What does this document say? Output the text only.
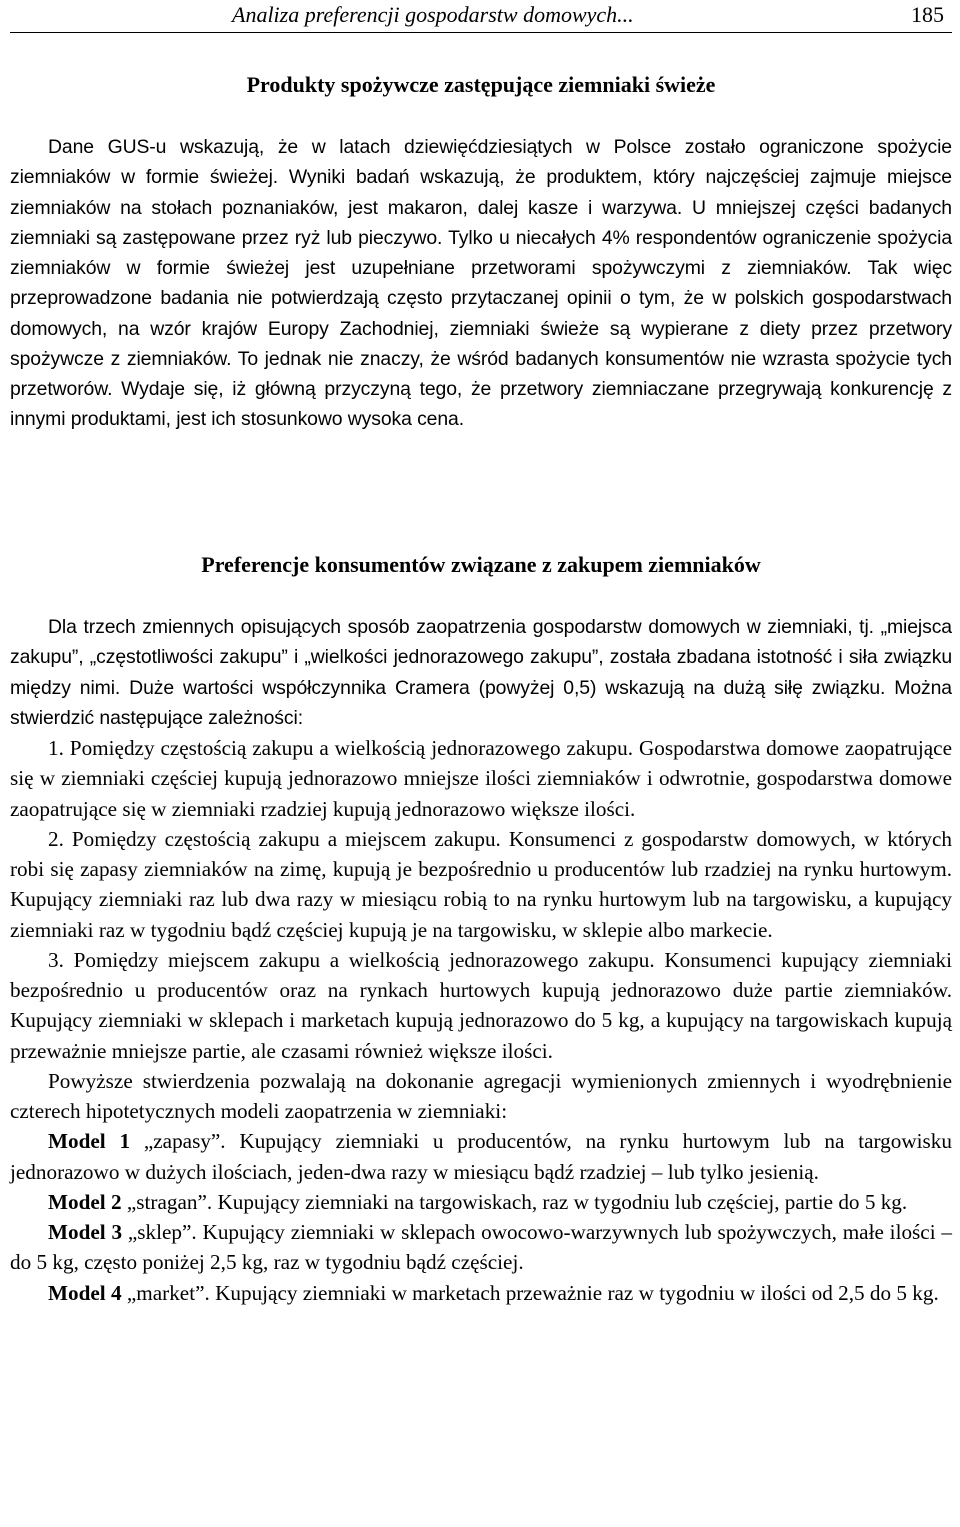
Analiza preferencji gospodarstw domowych...	185
Produkty spożywcze zastępujące ziemniaki świeże

Dane GUS-u wskazują, że w latach dziewięćdziesiątych w Polsce zostało ograniczone spożycie ziemniaków w formie świeżej. Wyniki badań wskazują, że produktem, który najczęściej zajmuje miejsce ziemniaków na stołach poznaniaków, jest makaron, dalej kasze i warzywa. U mniejszej części badanych ziemniaki są zastępowane przez ryż lub pieczywo. Tylko u niecałych 4% respondentów ograniczenie spożycia ziemniaków w formie świeżej jest uzupełniane przetworami spożywczymi z ziemniaków. Tak więc przeprowadzone badania nie potwierdzają często przytaczanej opinii o tym, że w polskich gospodarstwach domowych, na wzór krajów Europy Zachodniej, ziemniaki świeże są wypierane z diety przez przetwory spożywcze z ziemniaków. To jednak nie znaczy, że wśród badanych konsumentów nie wzrasta spożycie tych przetworów. Wydaje się, iż główną przyczyną tego, że przetwory ziemniaczane przegrywają konkurencję z innymi produktami, jest ich stosunkowo wysoka cena.

Preferencje konsumentów związane z zakupem ziemniaków

Dla trzech zmiennych opisujących sposób zaopatrzenia gospodarstw domowych w ziemniaki, tj. „miejsca zakupu”, „częstotliwości zakupu” i „wielkości jednorazowego zakupu”, została zbadana istotność i siła związku między nimi. Duże wartości współczynnika Cramera (powyżej 0,5) wskazują na dużą siłę związku. Można stwierdzić następujące zależności:

1. Pomiędzy częstością zakupu a wielkością jednorazowego zakupu. Gospodarstwa domowe zaopatrujące się w ziemniaki częściej kupują jednorazowo mniejsze ilości ziemniaków i odwrotnie, gospodarstwa domowe zaopatrujące się w ziemniaki rzadziej kupują jednorazowo większe ilości.

2. Pomiędzy częstością zakupu a miejscem zakupu. Konsumenci z gospodarstw domowych, w których robi się zapasy ziemniaków na zimę, kupują je bezpośrednio u producentów lub rzadziej na rynku hurtowym. Kupujący ziemniaki raz lub dwa razy w miesiącu robią to na rynku hurtowym lub na targowisku, a kupujący ziemniaki raz w tygodniu bądź częściej kupują je na targowisku, w sklepie albo markecie.

3. Pomiędzy miejscem zakupu a wielkością jednorazowego zakupu. Konsumenci kupujący ziemniaki bezpośrednio u producentów oraz na rynkach hurtowych kupują jednorazowo duże partie ziemniaków. Kupujący ziemniaki w sklepach i marketach kupują jednorazowo do 5 kg, a kupujący na targowiskach kupują przeważnie mniejsze partie, ale czasami również większe ilości.

Powyższe stwierdzenia pozwalają na dokonanie agregacji wymienionych zmiennych i wyodrębnienie czterech hipotetycznych modeli zaopatrzenia w ziemniaki:

Model 1 „zapasy”. Kupujący ziemniaki u producentów, na rynku hurtowym lub na targowisku jednorazowo w dużych ilościach, jeden-dwa razy w miesiącu bądź rzadziej – lub tylko jesienią.

Model 2 „stragan”. Kupujący ziemniaki na targowiskach, raz w tygodniu lub częściej, partie do 5 kg.

Model 3 „sklep”. Kupujący ziemniaki w sklepach owocowo-warzywnych lub spożywczych, małe ilości – do 5 kg, często poniżej 2,5 kg, raz w tygodniu bądź częściej.

Model 4 „market”. Kupujący ziemniaki w marketach przeważnie raz w tygodniu w ilości od 2,5 do 5 kg.
